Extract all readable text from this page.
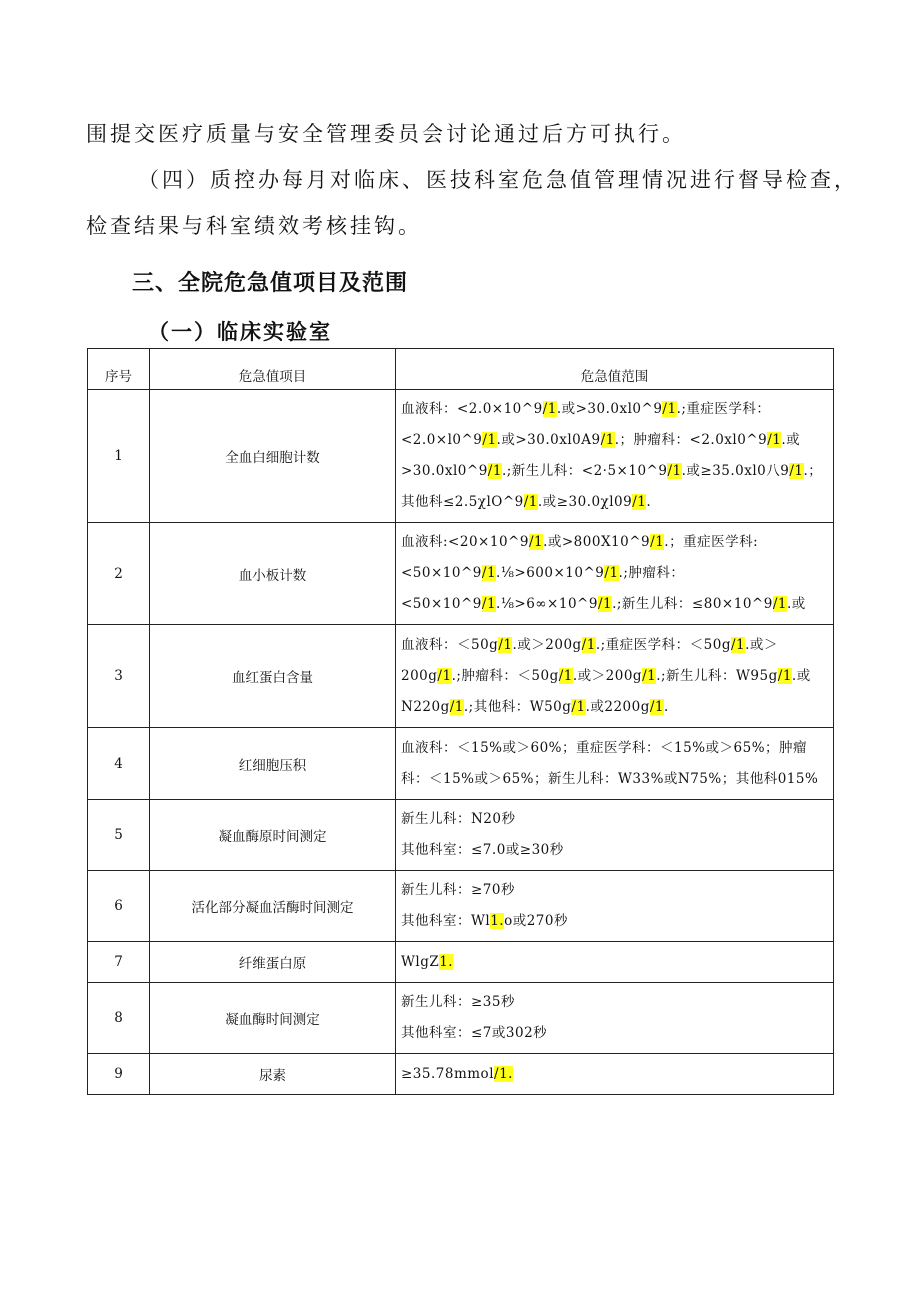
围提交医疗质量与安全管理委员会讨论通过后方可执行。

（四）质控办每月对临床、医技科室危急值管理情况进行督导检查，

检查结果与科室绩效考核挂钩。

三、全院危急值项目及范围
（一）临床实验室
序号	危急值项目	危急值范围
1	全血白细胞计数	血液科：<2.0×10^9/1.或>30.0xl0^9/1.;重症医学科：<2.0×l0^9/1.或>30.0xl0A9/1.；肿瘤科：<2.0xl0^9/1.或>30.0xl0^9/1.;新生儿科：<2·5×10^9/1.或≥35.0xl0八9/1.；其他科≤2.5χlO^9/1.或≥30.0χl09/1.
2	血小板计数	血液科:<20×10^9/1.或>800X10^9/1.；重症医学科:<50×10^9/1.⅛>600×10^9/1.;肿瘤科：<50×10^9/1.⅛>6∞×10^9/1.;新生儿科：≤80×10^9/1.或
3	血红蛋白含量	血液科：＜50g/1.或＞200g/1.;重症医学科：＜50g/1.或＞200g/1.;肿瘤科：＜50g/1.或＞200g/1.;新生儿科：W95g/1.或N220g/1.;其他科：W50g/1.或2200g/1.
4	红细胞压积	血液科：＜15%或＞60%；重症医学科：＜15%或＞65%；肿瘤科：＜15%或＞65%；新生儿科：W33%或N75%；其他科015%
5	凝血酶原时间测定	新生儿科：N20秒
其他科室：≤7.0或≥30秒
6	活化部分凝血活酶时间测定	新生儿科：≥70秒
其他科室：Wl1.o或270秒
7	纤维蛋白原	WlgZ1.
8	凝血酶时间测定	新生儿科：≥35秒
其他科室：≤7或302秒
9	尿素	≥35.78mmol/1.
